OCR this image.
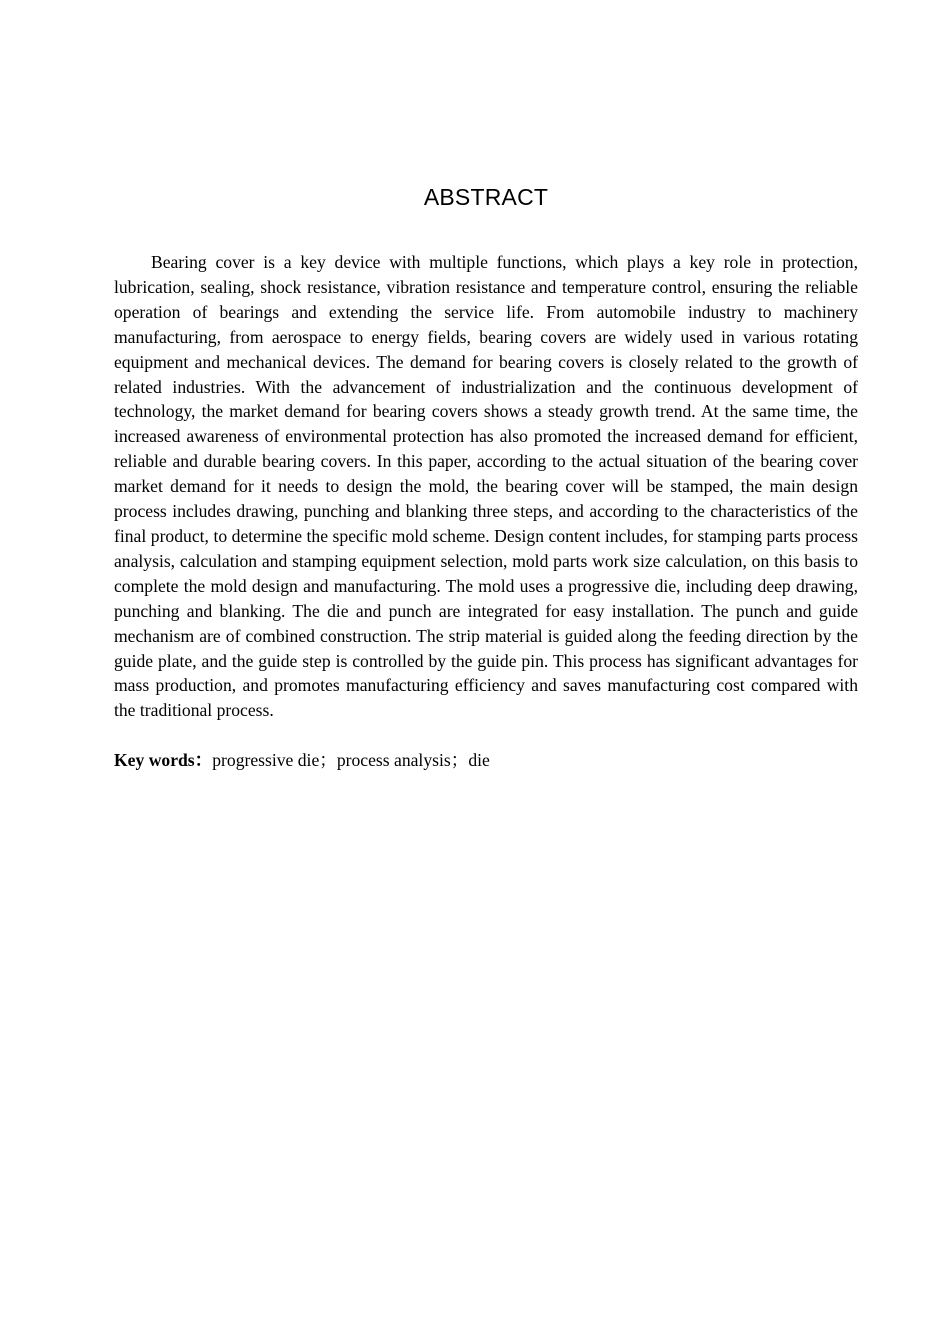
ABSTRACT

Bearing cover is a key device with multiple functions, which plays a key role in protection, lubrication, sealing, shock resistance, vibration resistance and temperature control, ensuring the reliable operation of bearings and extending the service life. From automobile industry to machinery manufacturing, from aerospace to energy fields, bearing covers are widely used in various rotating equipment and mechanical devices. The demand for bearing covers is closely related to the growth of related industries. With the advancement of industrialization and the continuous development of technology, the market demand for bearing covers shows a steady growth trend. At the same time, the increased awareness of environmental protection has also promoted the increased demand for efficient, reliable and durable bearing covers. In this paper, according to the actual situation of the bearing cover market demand for it needs to design the mold, the bearing cover will be stamped, the main design process includes drawing, punching and blanking three steps, and according to the characteristics of the final product, to determine the specific mold scheme. Design content includes, for stamping parts process analysis, calculation and stamping equipment selection, mold parts work size calculation, on this basis to complete the mold design and manufacturing. The mold uses a progressive die, including deep drawing, punching and blanking. The die and punch are integrated for easy installation. The punch and guide mechanism are of combined construction. The strip material is guided along the feeding direction by the guide plate, and the guide step is controlled by the guide pin. This process has significant advantages for mass production, and promotes manufacturing efficiency and saves manufacturing cost compared with the traditional process.

Key words：progressive die；process analysis；die
